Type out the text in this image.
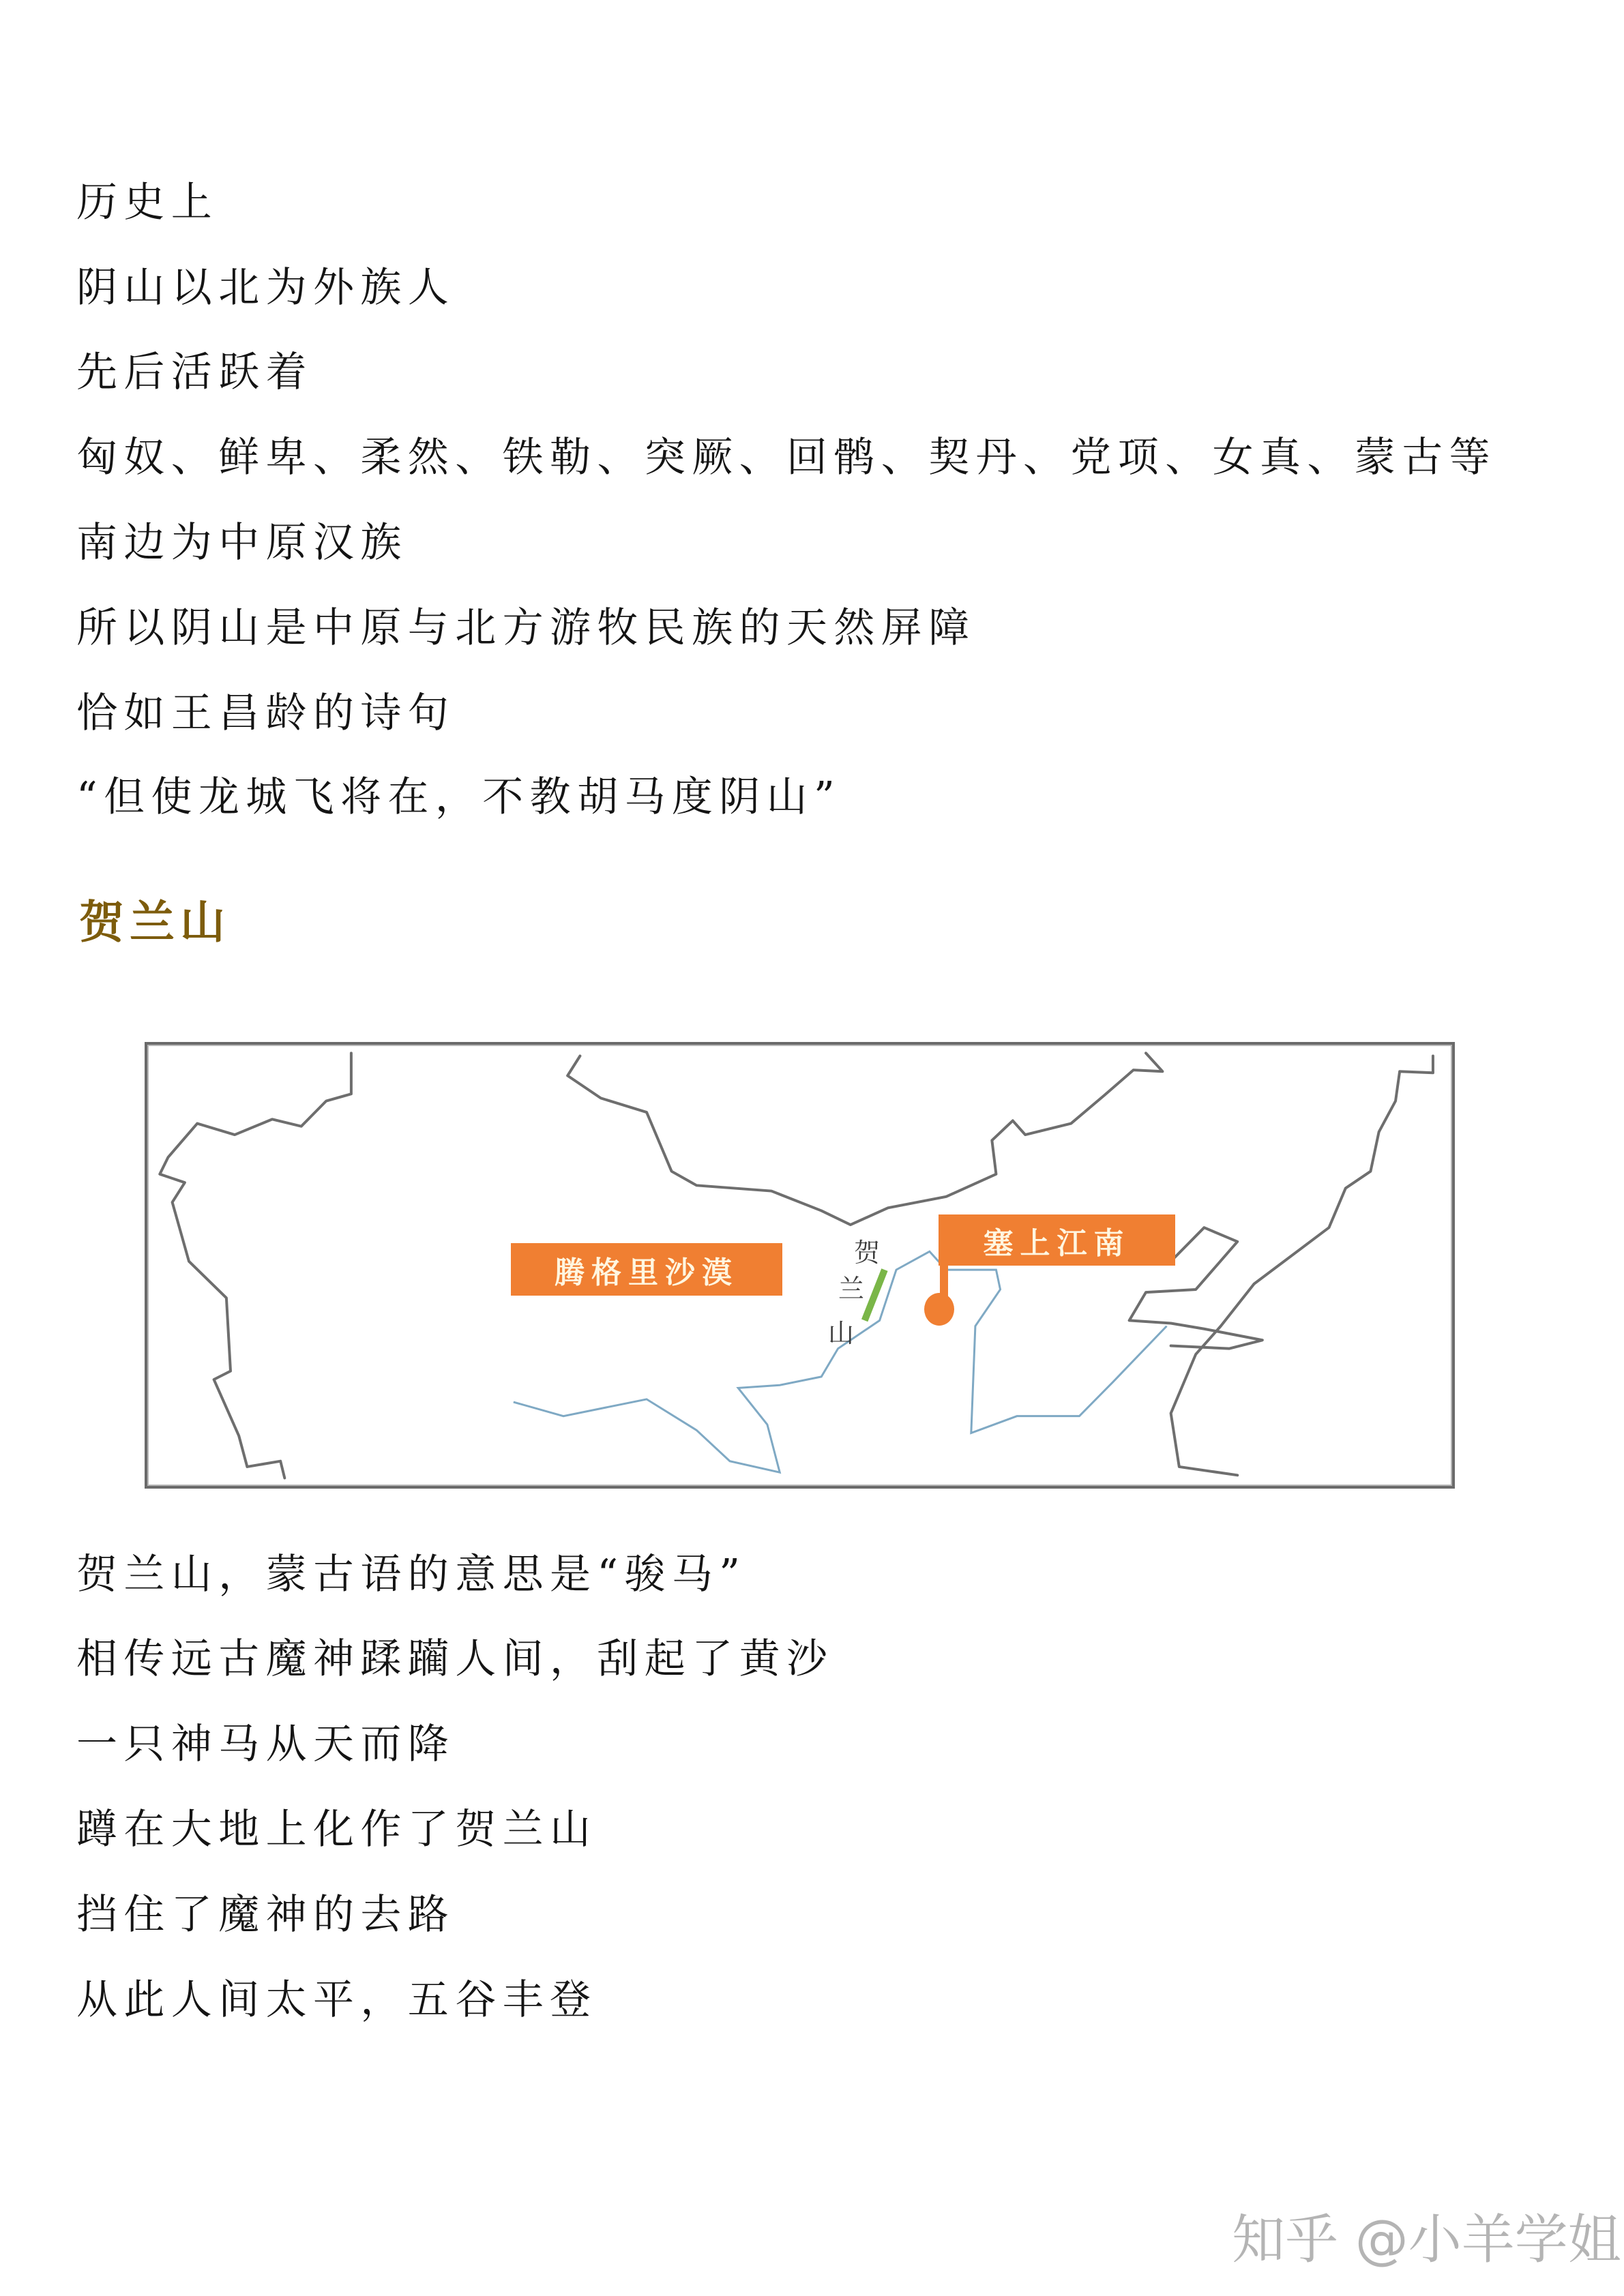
历史上
阴山以北为外族人
先后活跃着
匈奴、鲜卑、柔然、铁勒、突厥、回鹘、契丹、党项、女真、蒙古等
南边为中原汉族
所以阴山是中原与北方游牧民族的天然屏障
恰如王昌龄的诗句
“但使龙城飞将在，不教胡马度阴山”
贺兰山
腾格里沙漠
塞上江南
贺
兰
山
贺兰山，蒙古语的意思是“骏马”
相传远古魔神蹂躏人间，刮起了黄沙
一只神马从天而降
蹲在大地上化作了贺兰山
挡住了魔神的去路
从此人间太平，五谷丰登
知乎 @小羊学姐
